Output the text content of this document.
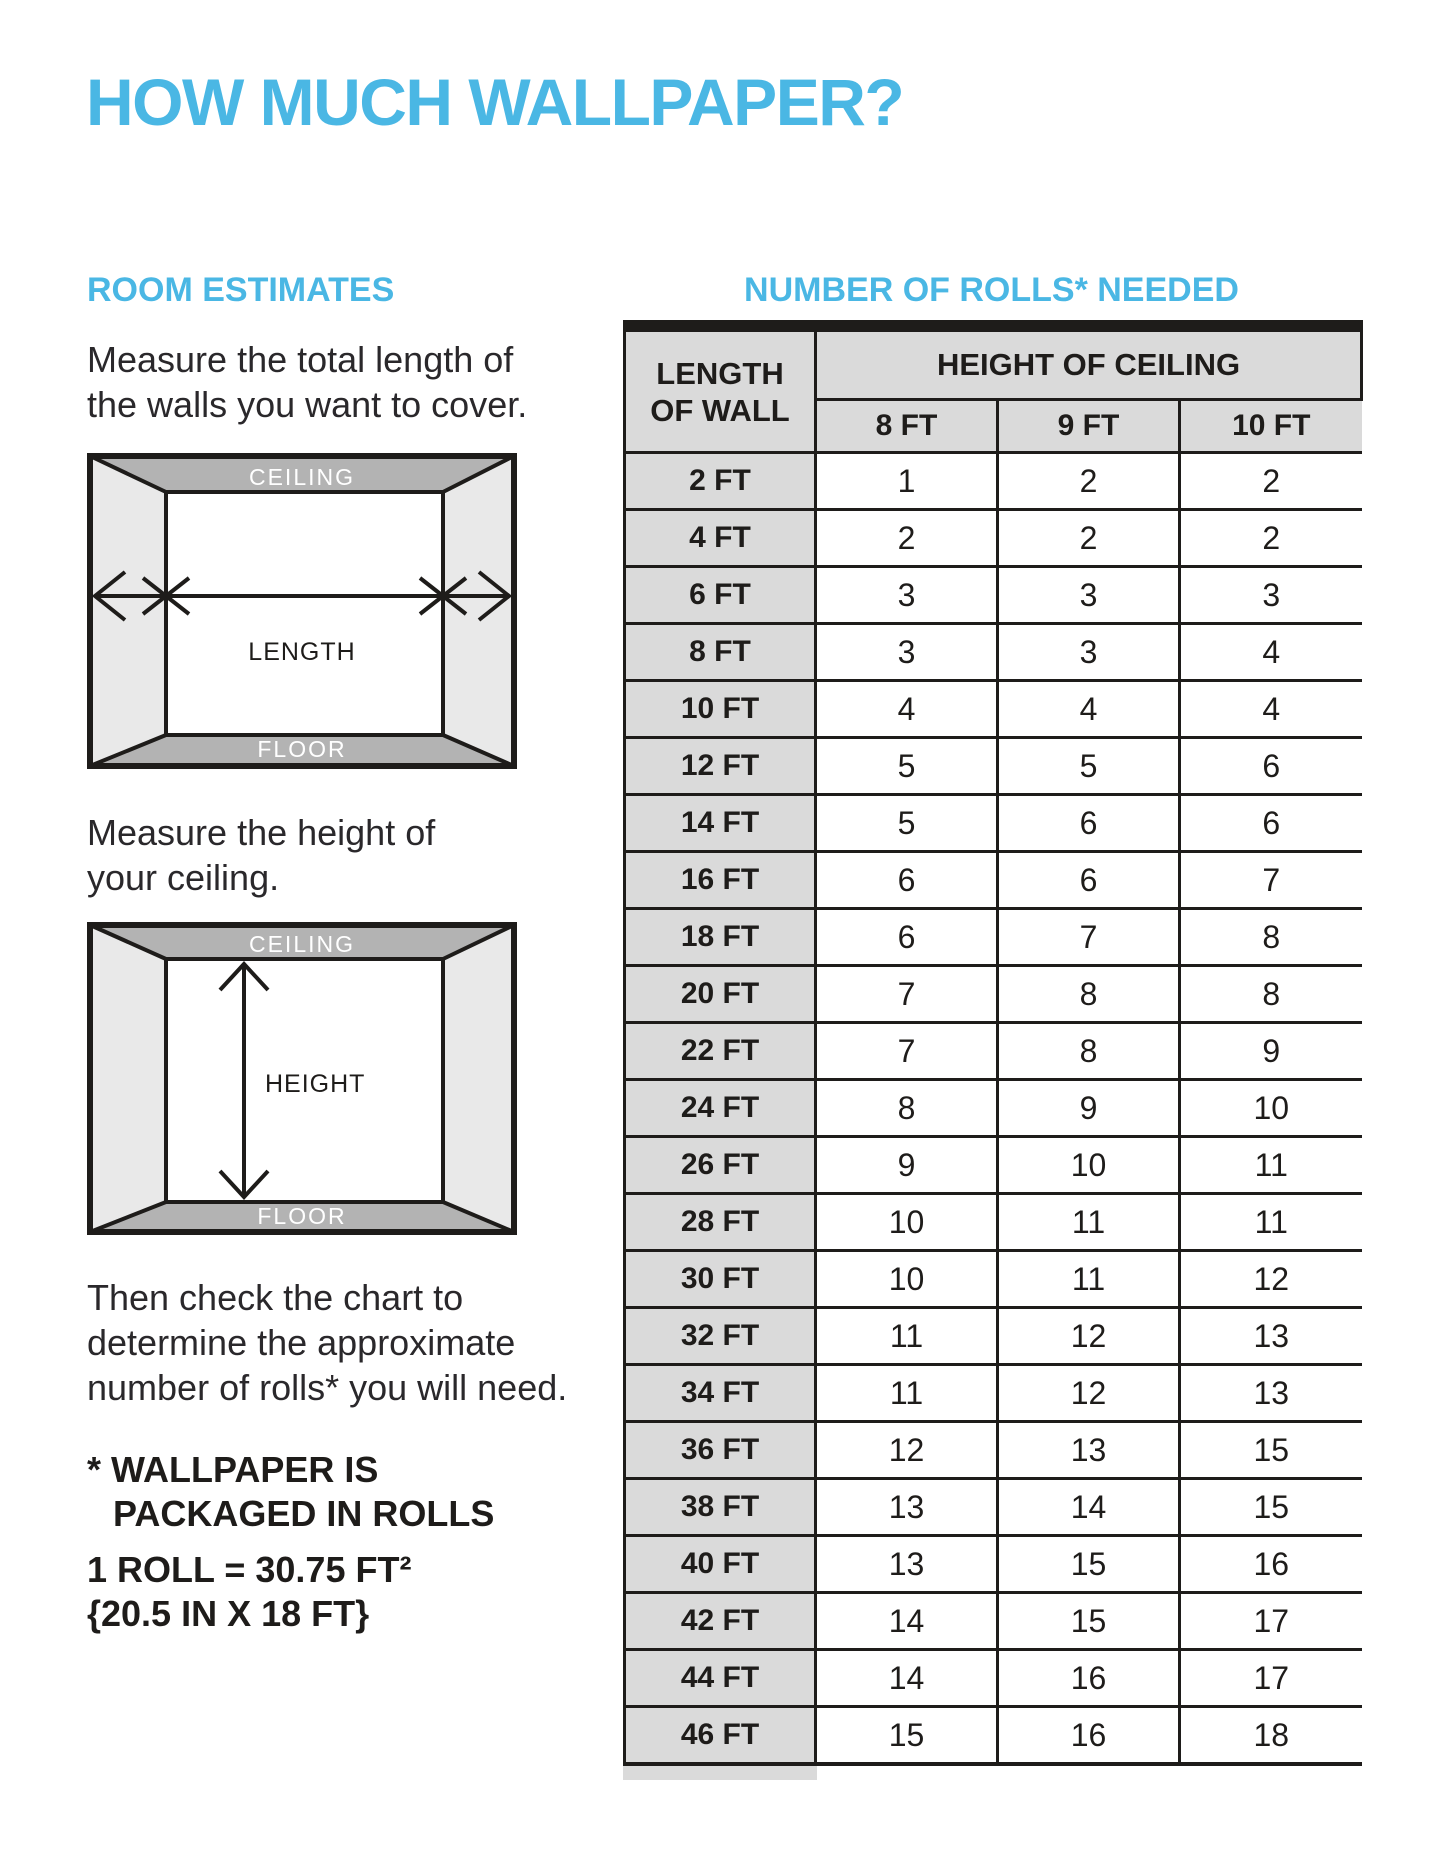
HOW MUCH WALLPAPER?
ROOM ESTIMATES

Measure the total length of
the walls you want to cover.

CEILING
LENGTH
FLOOR

Measure the height of
your ceiling.

CEILING
HEIGHT
FLOOR

Then check the chart to
determine the approximate
number of rolls* you will need.

* WALLPAPER IS
PACKAGED IN ROLLS

1 ROLL = 30.75 FT²
{20.5 IN X 18 FT}

NUMBER OF ROLLS* NEEDED
LENGTH
OF WALL	HEIGHT OF CEILING		
	8 FT	9 FT	10 FT
2 FT	1	2	2
4 FT	2	2	2
6 FT	3	3	3
8 FT	3	3	4
10 FT	4	4	4
12 FT	5	5	6
14 FT	5	6	6
16 FT	6	6	7
18 FT	6	7	8
20 FT	7	8	8
22 FT	7	8	9
24 FT	8	9	10
26 FT	9	10	11
28 FT	10	11	11
30 FT	10	11	12
32 FT	11	12	13
34 FT	11	12	13
36 FT	12	13	15
38 FT	13	14	15
40 FT	13	15	16
42 FT	14	15	17
44 FT	14	16	17
46 FT	15	16	18
